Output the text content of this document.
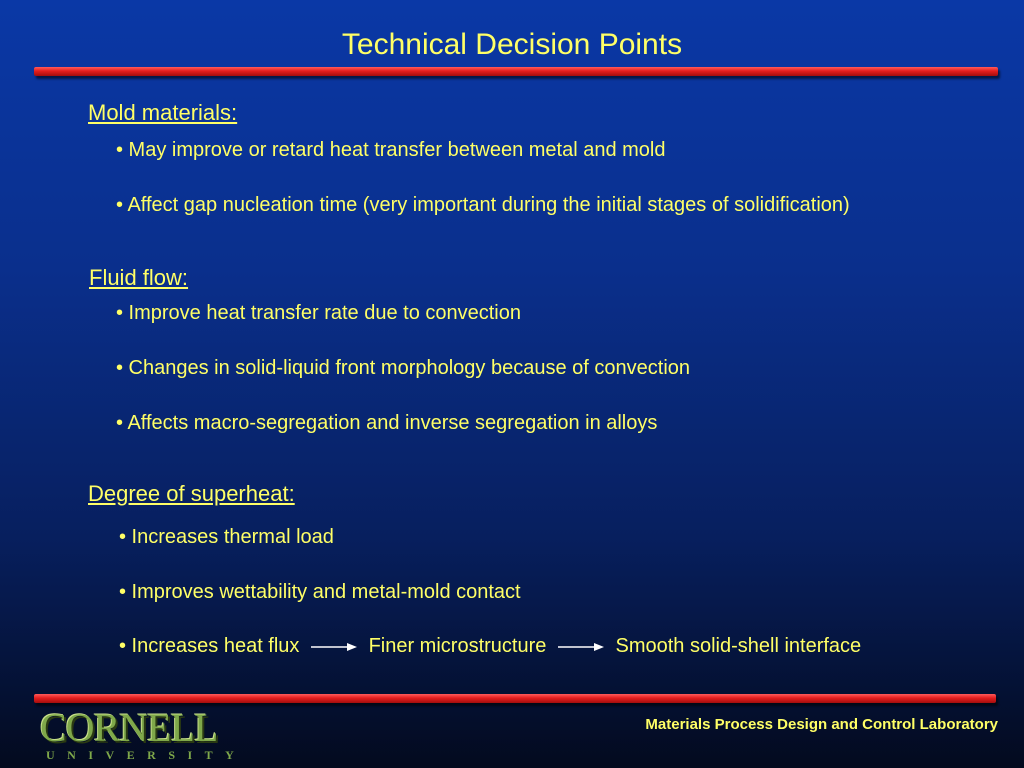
Technical Decision Points
Mold materials:
• May improve or retard heat transfer between metal and mold
• Affect gap nucleation time (very important during the initial stages of solidification)
Fluid flow:
• Improve heat transfer rate due to convection
• Changes in solid-liquid front morphology because of convection
• Affects macro-segregation and inverse segregation in alloys
Degree of superheat:
• Increases thermal load
• Improves wettability and metal-mold contact
• Increases heat flux	Finer microstructure	Smooth solid-shell interface
CORNELL
UNIVERSITY
Materials Process Design and Control Laboratory
